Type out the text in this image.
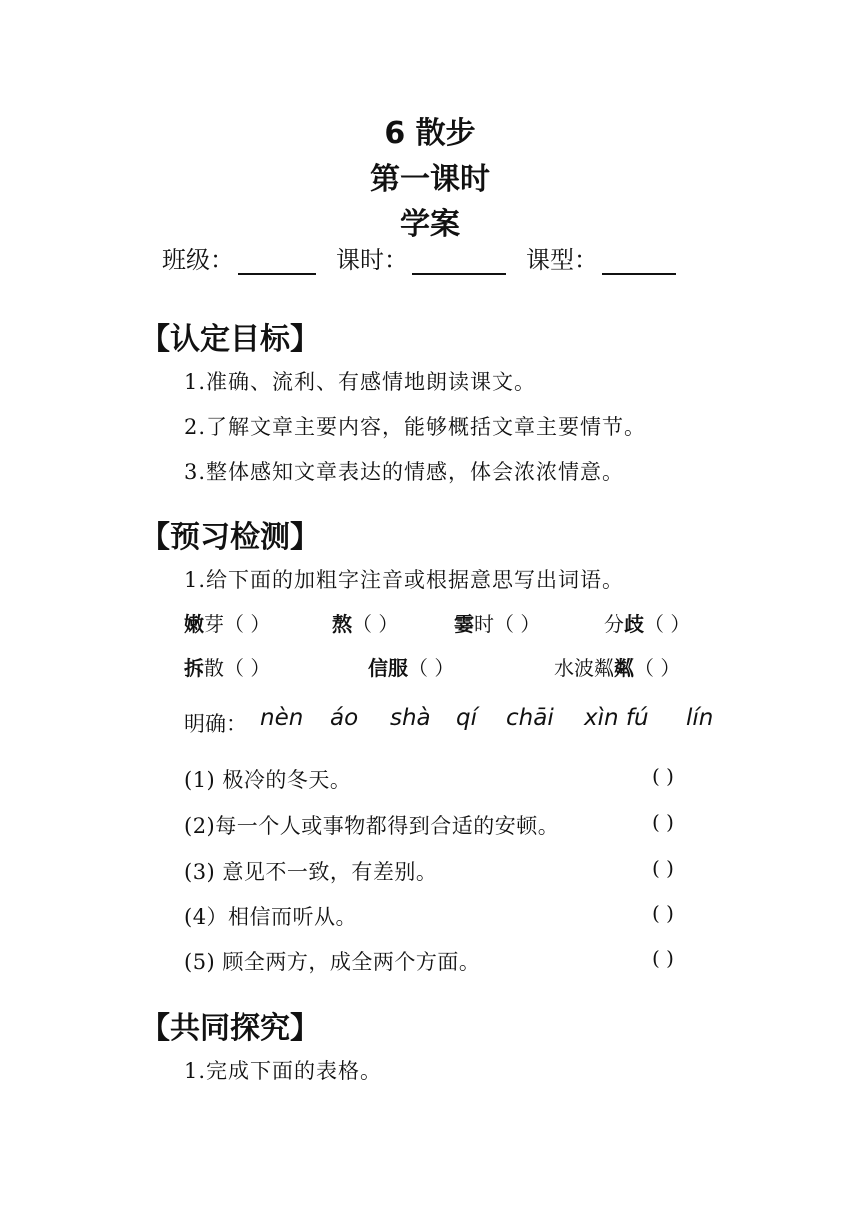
6 散步
第一课时
学案
班级：	课时：	课型：
【认定目标】
1.准确、流利、有感情地朗读课文。
2.了解文章主要内容，能够概括文章主要情节。
3.整体感知文章表达的情感，体会浓浓情意。
【预习检测】
1.给下面的加粗字注音或根据意思写出词语。
嫩芽（ ）	熬（ ）	霎时（ ）	分歧（ ）
拆散（ ）	信服（ ）	水波粼粼（ ）
明确： nèn áo shà qí chāi xìn fú lín
(1) 极冷的冬天。	( )
(2)每一个人或事物都得到合适的安顿。	( )
(3) 意见不一致，有差别。	( )
(4）相信而听从。	( )
(5) 顾全两方，成全两个方面。	( )
【共同探究】
1.完成下面的表格。
